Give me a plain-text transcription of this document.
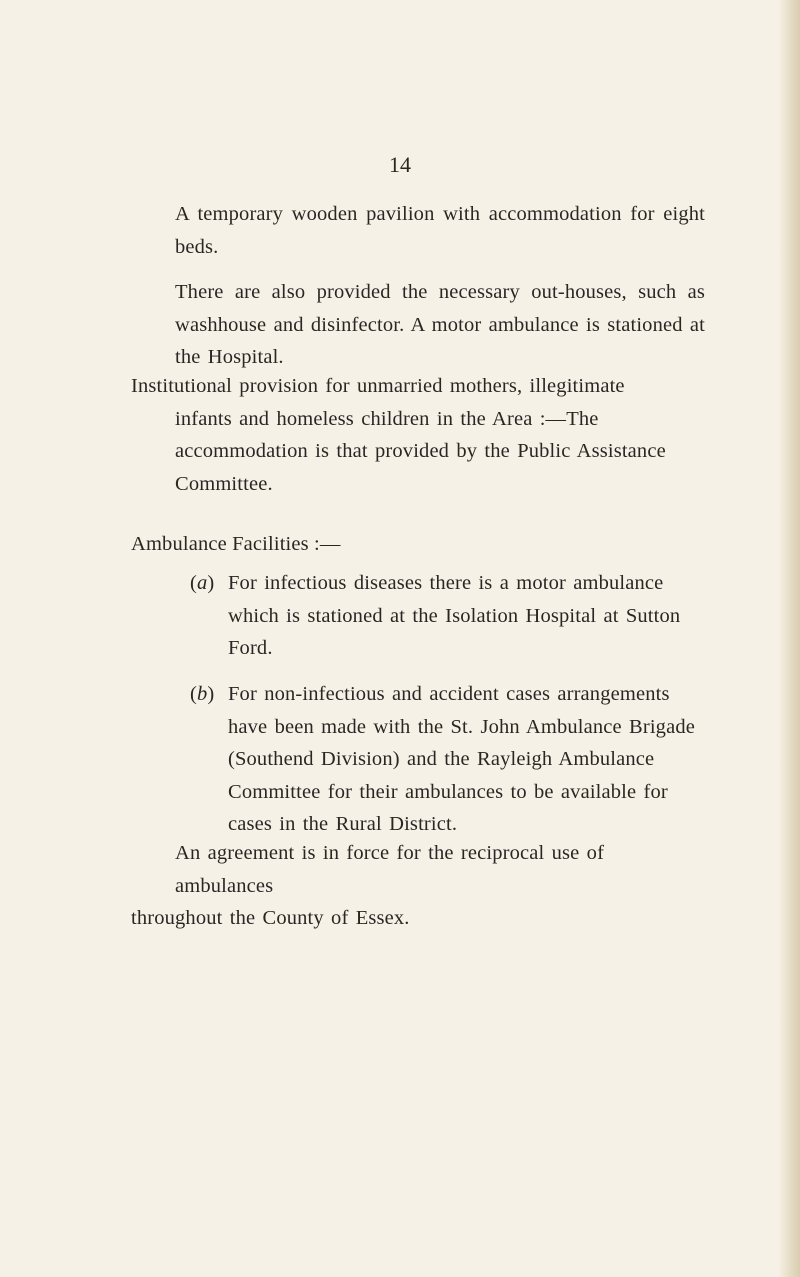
14

A temporary wooden pavilion with accommodation for eight beds.

There are also provided the necessary out-houses, such as washhouse and disinfector. A motor ambulance is stationed at the Hospital.

Institutional provision for unmarried mothers, illegitimate
infants and homeless children in the Area :—The accommodation is that provided by the Public Assistance Committee.
Ambulance Facilities :—
(a) For infectious diseases there is a motor ambulance which is stationed at the Isolation Hospital at Sutton Ford.
(b) For non-infectious and accident cases arrangements have been made with the St. John Ambulance Brigade (Southend Division) and the Rayleigh Ambulance Committee for their ambulances to be available for cases in the Rural District.
An agreement is in force for the reciprocal use of ambulances
throughout the County of Essex.
